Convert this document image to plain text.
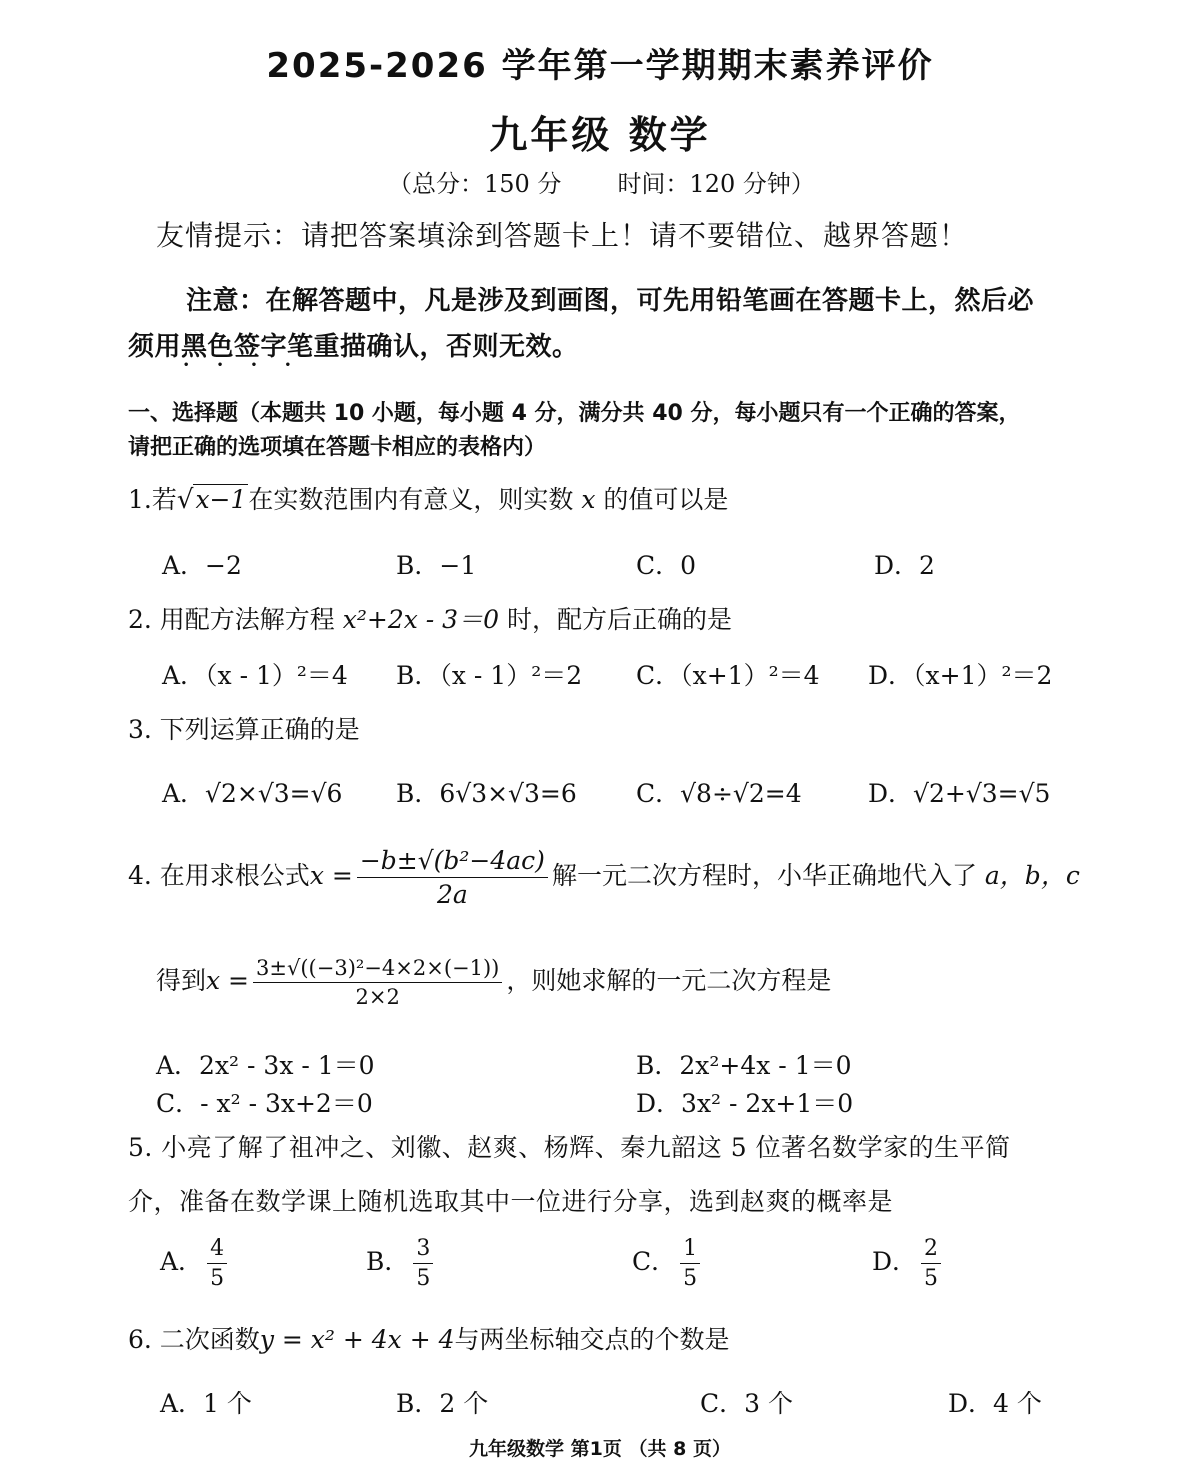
2025-2026 学年第一学期期末素养评价
九年级 数学
（总分：150 分 时间：120 分钟）
友情提示：请把答案填涂到答题卡上！请不要错位、越界答题！
注意：在解答题中，凡是涉及到画图，可先用铅笔画在答题卡上，然后必
须用黑色签字 • • • •笔重描确认，否则无效。
一、选择题（本题共 10 小题，每小题 4 分，满分共 40 分，每小题只有一个正确的答案，
请把正确的选项填在答题卡相应的表格内）
1.若√x−1在实数范围内有意义，则实数 x 的值可以是
A．−2	B．−1	C．0	D．2
2. 用配方法解方程 x²+2x - 3＝0 时，配方后正确的是
A．（x - 1）²＝4 B．（x - 1）²＝2 C．（x+1）²＝4 D．（x+1）²＝2
3. 下列运算正确的是
A．√2×√3=√6 B．6√3×√3=6 C．√8÷√2=4	D．√2+√3=√5
4. 在用求根公式$x = \frac{\text{−b±√(b²−4ac)}}{2a}$ 解一元二次方程时，小华正确地代入了 a，b，c
得到$x = \frac{\text{3±√((−3)²−4×2×(−1))}}{2\times 2}$ ，则她求解的一元二次方程是
A．2x² - 3x - 1＝0	B．2x²+4x - 1＝0
C．- x² - 3x+2＝0	D．3x² - 2x+1＝0
5. 小亮了解了祖冲之、刘徽、赵爽、杨辉、秦九韶这 5 位著名数学家的生平简
介，准备在数学课上随机选取其中一位进行分享，选到赵爽的概率是
A． $\frac{4}{5}$	B． $\frac{3}{5}$	C． $\frac{1}{5}$	D． $\frac{2}{5}$
6. 二次函数y = x² + 4x + 4与两坐标轴交点的个数是
A．1 个	B．2 个	C．3 个	D．4 个
九年级数学 第1页 （共 8 页）
